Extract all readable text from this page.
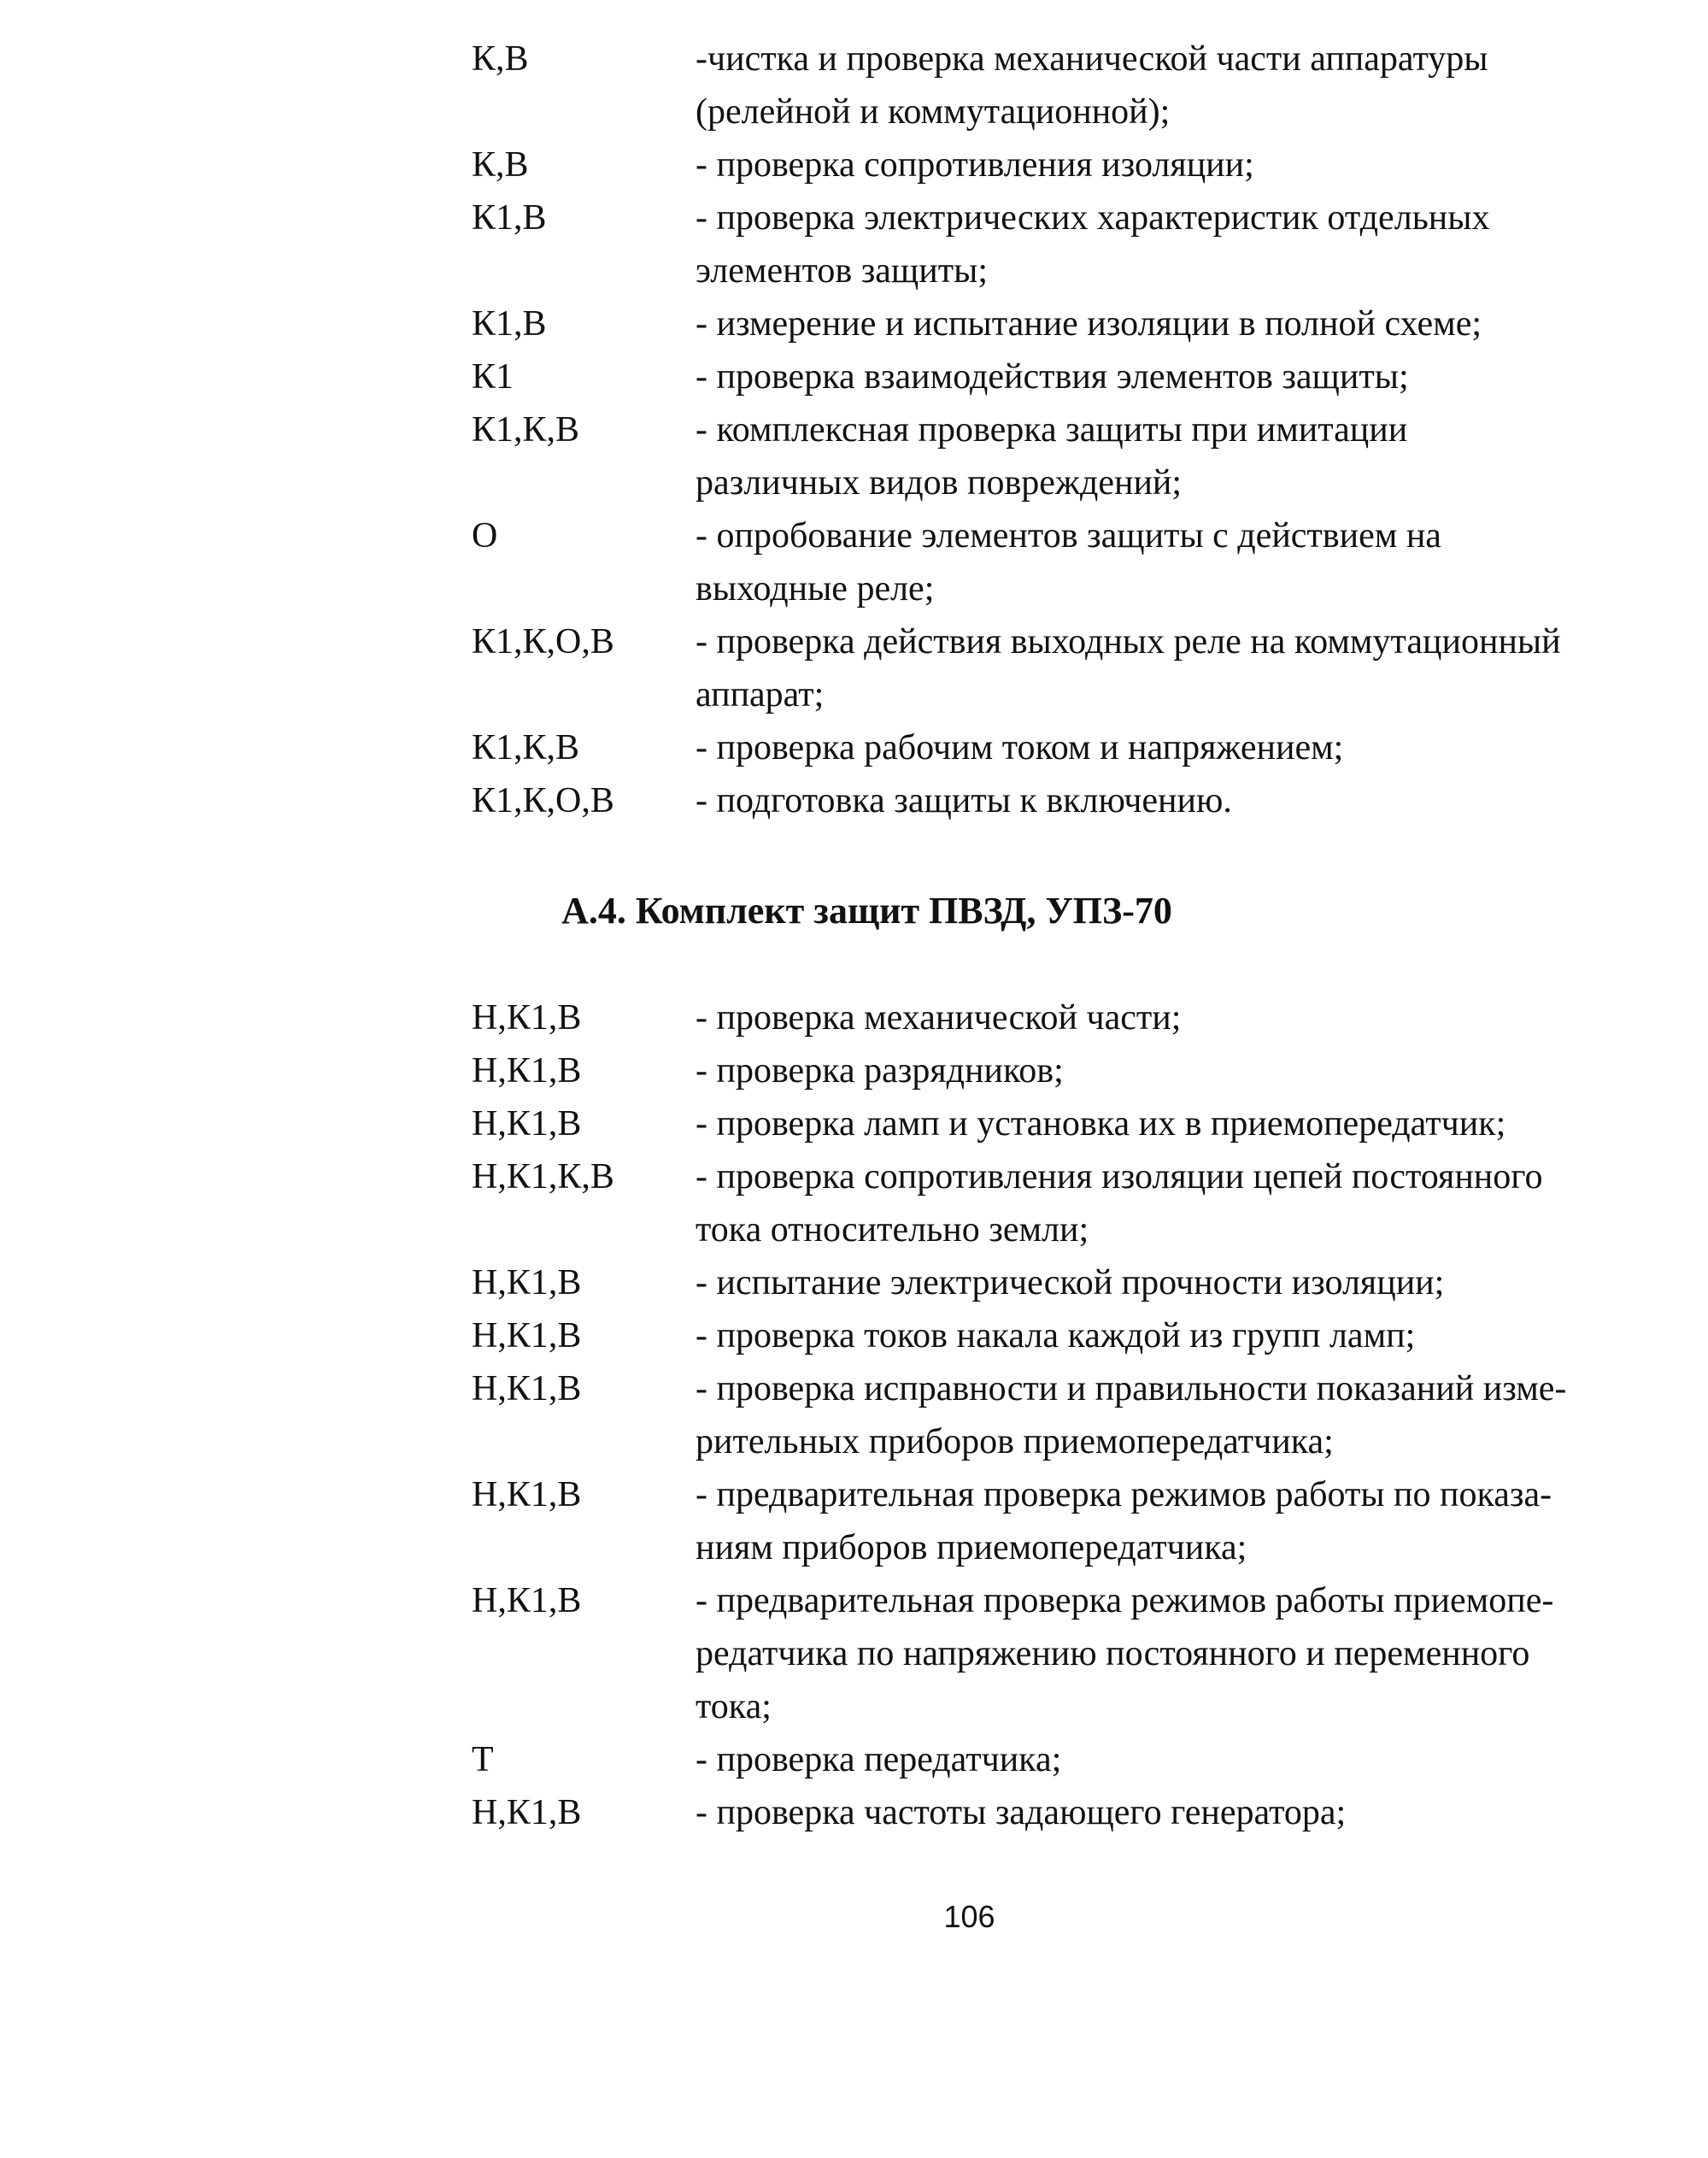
К,В	-чистка и проверка механической части аппаратуры
(релейной и коммутационной);
К,В	- проверка сопротивления изоляции;
К1,В	- проверка электрических характеристик отдельных
элементов защиты;
К1,В	- измерение и испытание изоляции в полной схеме;
К1	- проверка взаимодействия элементов защиты;
К1,К,В	- комплексная проверка защиты при имитации
различных видов повреждений;
О	- опробование элементов защиты с действием на
выходные реле;
К1,К,О,В	- проверка действия выходных реле на коммутационный
аппарат;
К1,К,В	- проверка рабочим током и напряжением;
К1,К,О,В	- подготовка защиты к включению.
А.4. Комплект защит ПВЗД, УПЗ-70
Н,К1,В	- проверка механической части;
Н,К1,В	- проверка разрядников;
Н,К1,В	- проверка ламп и установка их в приемопередатчик;
Н,К1,К,В	- проверка сопротивления изоляции цепей постоянного
тока относительно земли;
Н,К1,В	- испытание электрической прочности изоляции;
Н,К1,В	- проверка токов накала каждой из групп ламп;
Н,К1,В	- проверка исправности и правильности показаний изме-
рительных приборов приемопередатчика;
Н,К1,В	- предварительная проверка режимов работы по показа-
ниям приборов приемопередатчика;
Н,К1,В	- предварительная проверка режимов работы приемопе-
редатчика по напряжению постоянного и переменного
тока;
Т	- проверка передатчика;
Н,К1,В	- проверка частоты задающего генератора;
106
